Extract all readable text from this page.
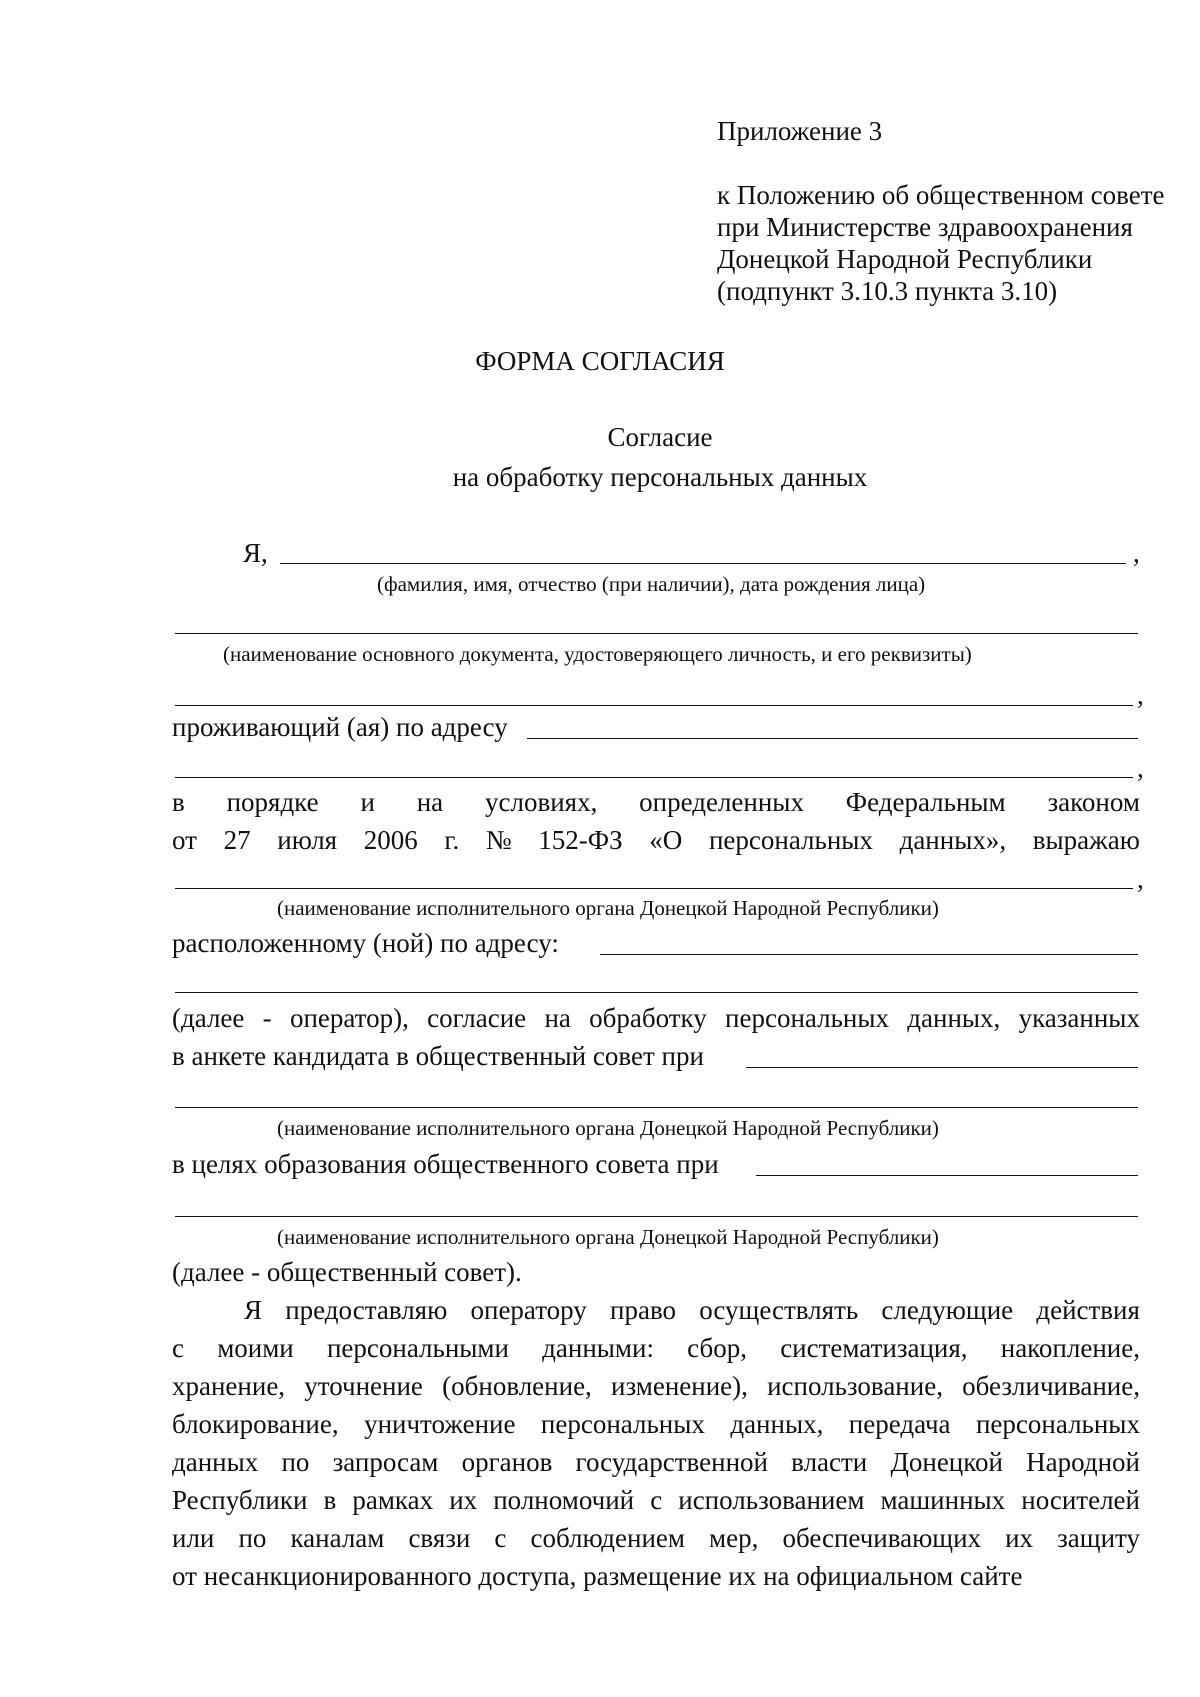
Приложение 3
к Положению об общественном совете
при Министерстве здравоохранения
Донецкой Народной Республики
(подпункт 3.10.3 пункта 3.10)
ФОРМА СОГЛАСИЯ
Согласие
на обработку персональных данных
Я,	,
(фамилия, имя, отчество (при наличии), дата рождения лица)
(наименование основного документа, удостоверяющего личность, и его реквизиты)
,
проживающий (ая) по адресу
,
в порядке и на условиях, определенных Федеральным законом
от 27 июля 2006 г. № 152-ФЗ «О персональных данных», выражаю
,
(наименование исполнительного органа Донецкой Народной Республики)
расположенному (ной) по адресу:
(далее - оператор), согласие на обработку персональных данных, указанных
в анкете кандидата в общественный совет при
(наименование исполнительного органа Донецкой Народной Республики)
в целях образования общественного совета при
(наименование исполнительного органа Донецкой Народной Республики)
(далее - общественный совет).
Я предоставляю оператору право осуществлять следующие действия
с моими персональными данными: сбор, систематизация, накопление,
хранение, уточнение (обновление, изменение), использование, обезличивание,
блокирование, уничтожение персональных данных, передача персональных
данных по запросам органов государственной власти Донецкой Народной
Республики в рамках их полномочий с использованием машинных носителей
или по каналам связи с соблюдением мер, обеспечивающих их защиту
от несанкционированного доступа, размещение их на официальном сайте
